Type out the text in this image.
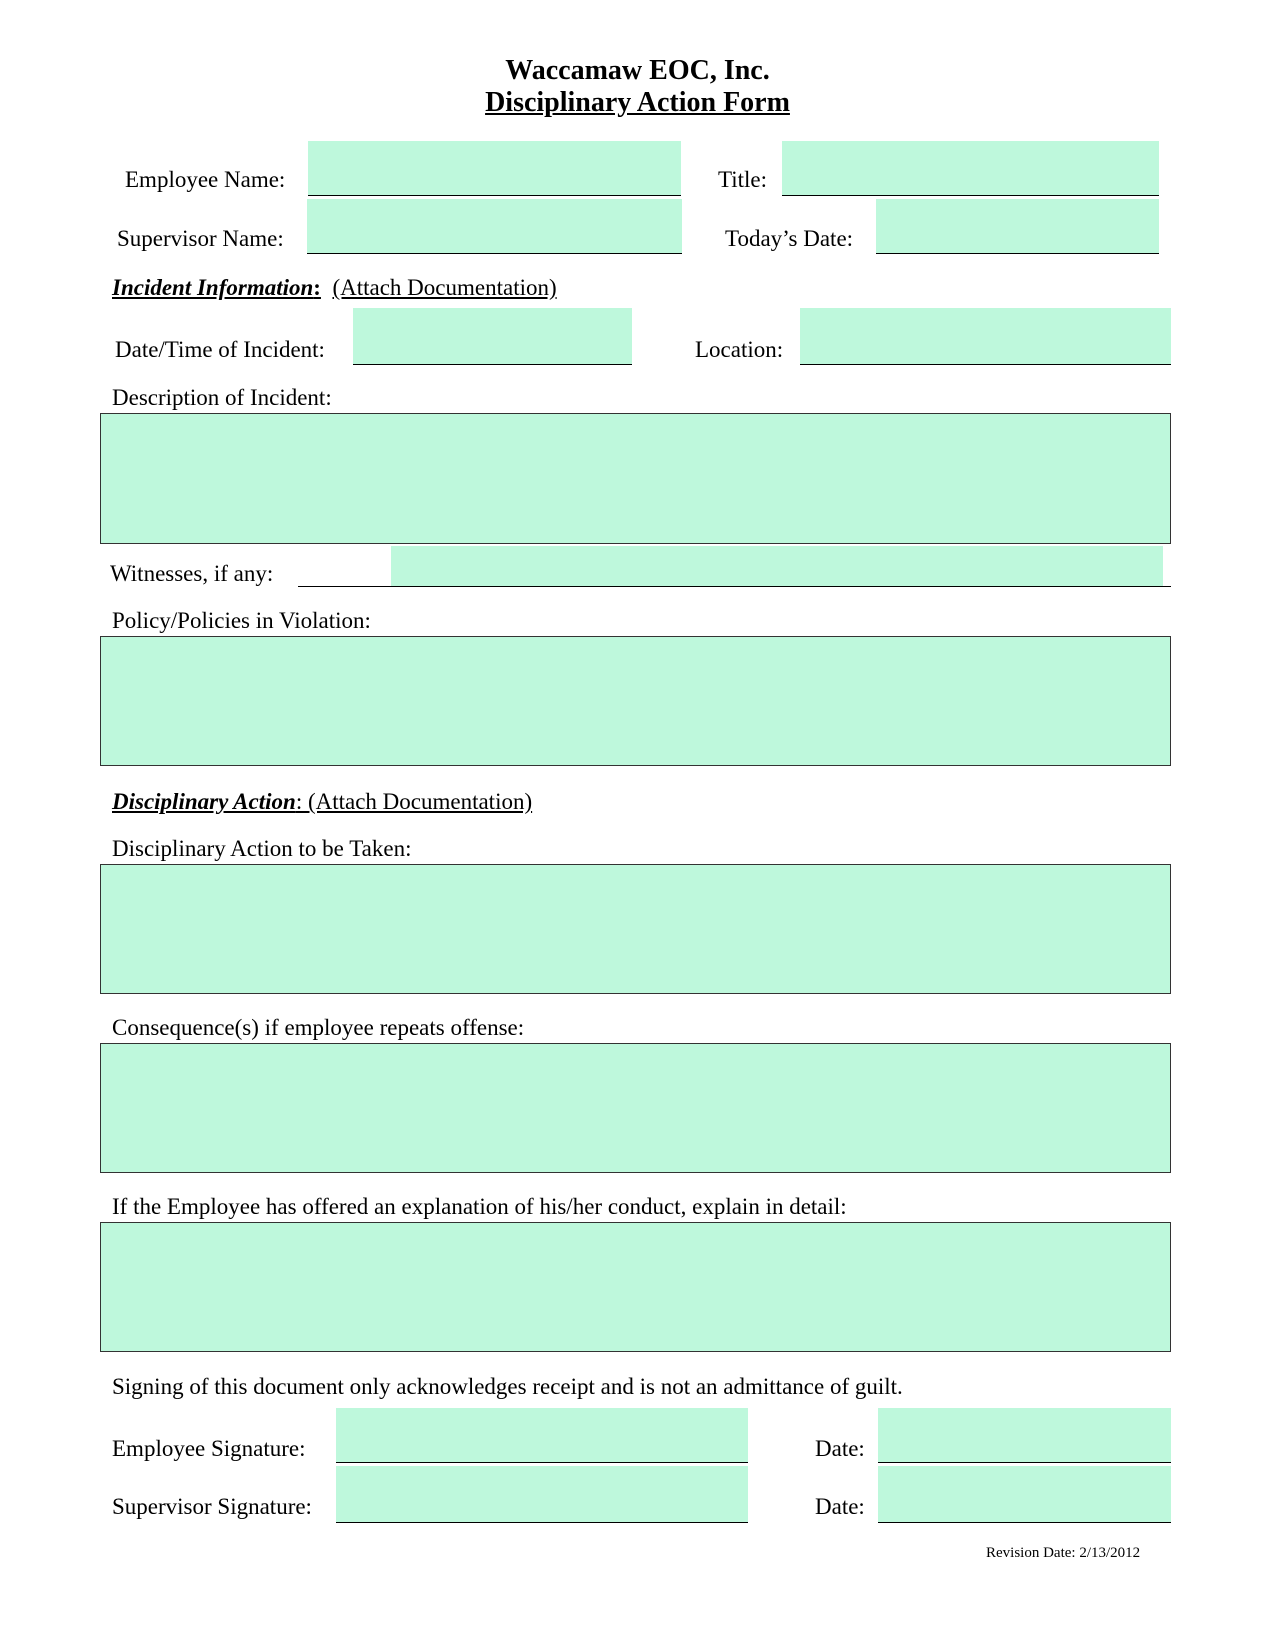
Waccamaw EOC, Inc.
Disciplinary Action Form
Employee Name:	Title:
Supervisor Name:	Today’s Date:
Incident Information: (Attach Documentation)
Date/Time of Incident:	Location:
Description of Incident:
Witnesses, if any:
Policy/Policies in Violation:
Disciplinary Action: (Attach Documentation)
Disciplinary Action to be Taken:
Consequence(s) if employee repeats offense:
If the Employee has offered an explanation of his/her conduct, explain in detail:
Signing of this document only acknowledges receipt and is not an admittance of guilt.
Employee Signature:	Date:
Supervisor Signature:	Date:
Revision Date: 2/13/2012
